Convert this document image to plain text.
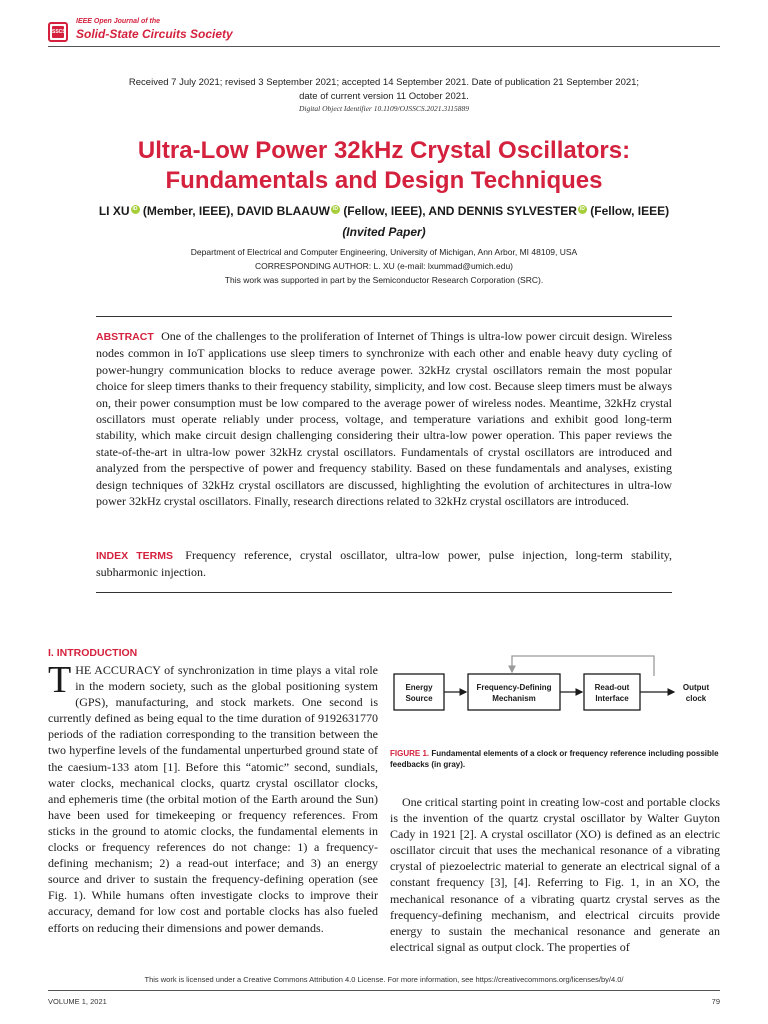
SSCS
IEEE Open Journal of the
Solid-State Circuits Society
Received 7 July 2021; revised 3 September 2021; accepted 14 September 2021. Date of publication 21 September 2021;
date of current version 11 October 2021.
Digital Object Identifier 10.1109/OJSSCS.2021.3115889
Ultra-Low Power 32kHz Crystal Oscillators:
Fundamentals and Design Techniques
LI XU iD (Member, IEEE), DAVID BLAAUW iD (Fellow, IEEE), AND DENNIS SYLVESTER iD (Fellow, IEEE)
(Invited Paper)
Department of Electrical and Computer Engineering, University of Michigan, Ann Arbor, MI 48109, USA
CORRESPONDING AUTHOR: L. XU (e-mail: lxummad@umich.edu)
This work was supported in part by the Semiconductor Research Corporation (SRC).
ABSTRACT One of the challenges to the proliferation of Internet of Things is ultra-low power circuit design. Wireless nodes common in IoT applications use sleep timers to synchronize with each other and enable heavy duty cycling of power-hungry communication blocks to reduce average power. 32kHz crystal oscillators remain the most popular choice for sleep timers thanks to their frequency stability, simplicity, and low cost. Because sleep timers must be always on, their power consumption must be low compared to the average power of wireless nodes. Meantime, 32kHz crystal oscillators must operate reliably under process, voltage, and temperature variations and exhibit good long-term stability, which make circuit design challenging considering their ultra-low power operation. This paper reviews the state-of-the-art in ultra-low power 32kHz crystal oscillators. Fundamentals of crystal oscillators are introduced and analyzed from the perspective of power and frequency stability. Based on these fundamentals and analyses, existing design techniques of 32kHz crystal oscillators are discussed, highlighting the evolution of architectures in ultra-low power 32kHz crystal oscillators. Finally, research directions related to 32kHz crystal oscillators are introduced.
INDEX TERMS Frequency reference, crystal oscillator, ultra-low power, pulse injection, long-term stability, subharmonic injection.
I. INTRODUCTION
THE ACCURACY of synchronization in time plays a vital role in the modern society, such as the global positioning system (GPS), manufacturing, and stock markets. One second is currently defined as being equal to the time duration of 9192631770 periods of the radiation corresponding to the transition between the two hyperfine levels of the fundamental unperturbed ground state of the caesium-133 atom [1]. Before this “atomic” second, sundials, water clocks, mechanical clocks, quartz crystal oscillator clocks, and ephemeris time (the orbital motion of the Earth around the Sun) have been used for timekeeping or frequency references. From sticks in the ground to atomic clocks, the fundamental elements in clocks or frequency references do not change: 1) a frequency-defining mechanism; 2) a read-out interface; and 3) an energy source and driver to sustain the frequency-defining operation (see Fig. 1). While humans often investigate clocks to improve their accuracy, demand for low cost and portable clocks has also fueled efforts on reducing their dimensions and power demands.
Energy
Source
Frequency-Defining
Mechanism
Read-out
Interface
Output
clock
FIGURE 1. Fundamental elements of a clock or frequency reference including possible feedbacks (in gray).

One critical starting point in creating low-cost and portable clocks is the invention of the quartz crystal oscillator by Walter Guyton Cady in 1921 [2]. A crystal oscillator (XO) is defined as an electric oscillator circuit that uses the mechanical resonance of a vibrating crystal of piezoelectric material to generate an electrical signal of a constant frequency [3], [4]. Referring to Fig. 1, in an XO, the mechanical resonance of a vibrating quartz crystal serves as the frequency-defining mechanism, and electrical circuits provide energy to sustain the mechanical resonance and generate an electrical signal as output clock. The properties of

This work is licensed under a Creative Commons Attribution 4.0 License. For more information, see https://creativecommons.org/licenses/by/4.0/
VOLUME 1, 2021	79
